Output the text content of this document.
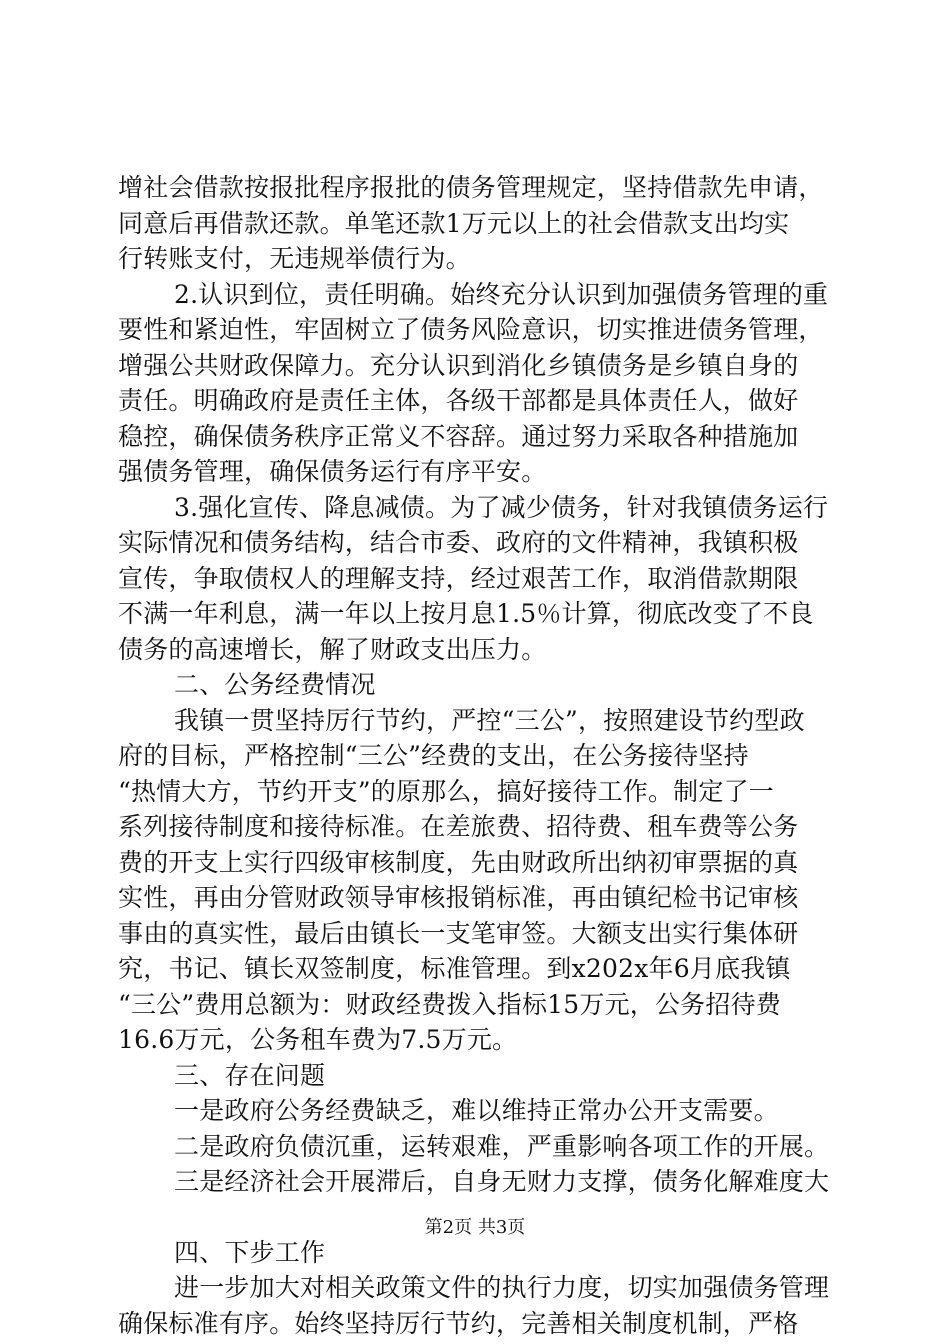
增社会借款按报批程序报批的债务管理规定，坚持借款先申请，
同意后再借款还款。单笔还款1万元以上的社会借款支出均实
行转账支付，无违规举债行为。
2.认识到位，责任明确。始终充分认识到加强债务管理的重
要性和紧迫性，牢固树立了债务风险意识，切实推进债务管理，
增强公共财政保障力。充分认识到消化乡镇债务是乡镇自身的
责任。明确政府是责任主体，各级干部都是具体责任人，做好
稳控，确保债务秩序正常义不容辞。通过努力采取各种措施加
强债务管理，确保债务运行有序平安。
3.强化宣传、降息减债。为了减少债务，针对我镇债务运行
实际情况和债务结构，结合市委、政府的文件精神，我镇积极
宣传，争取债权人的理解支持，经过艰苦工作，取消借款期限
不满一年利息，满一年以上按月息1.5％计算，彻底改变了不良
债务的高速增长，解了财政支出压力。
二、公务经费情况
我镇一贯坚持厉行节约，严控“三公”，按照建设节约型政
府的目标，严格控制“三公”经费的支出，在公务接待坚持
“热情大方，节约开支”的原那么，搞好接待工作。制定了一
系列接待制度和接待标准。在差旅费、招待费、租车费等公务
费的开支上实行四级审核制度，先由财政所出纳初审票据的真
实性，再由分管财政领导审核报销标准，再由镇纪检书记审核
事由的真实性，最后由镇长一支笔审签。大额支出实行集体研
究，书记、镇长双签制度，标准管理。到x202x年6月底我镇
“三公”费用总额为：财政经费拨入指标15万元，公务招待费
16.6万元，公务租车费为7.5万元。
三、存在问题
一是政府公务经费缺乏，难以维持正常办公开支需要。
二是政府负债沉重，运转艰难，严重影响各项工作的开展。
三是经济社会开展滞后，自身无财力支撑，债务化解难度大
四、下步工作
进一步加大对相关政策文件的执行力度，切实加强债务管理
确保标准有序。始终坚持厉行节约，完善相关制度机制，严格
第2页 共3页
